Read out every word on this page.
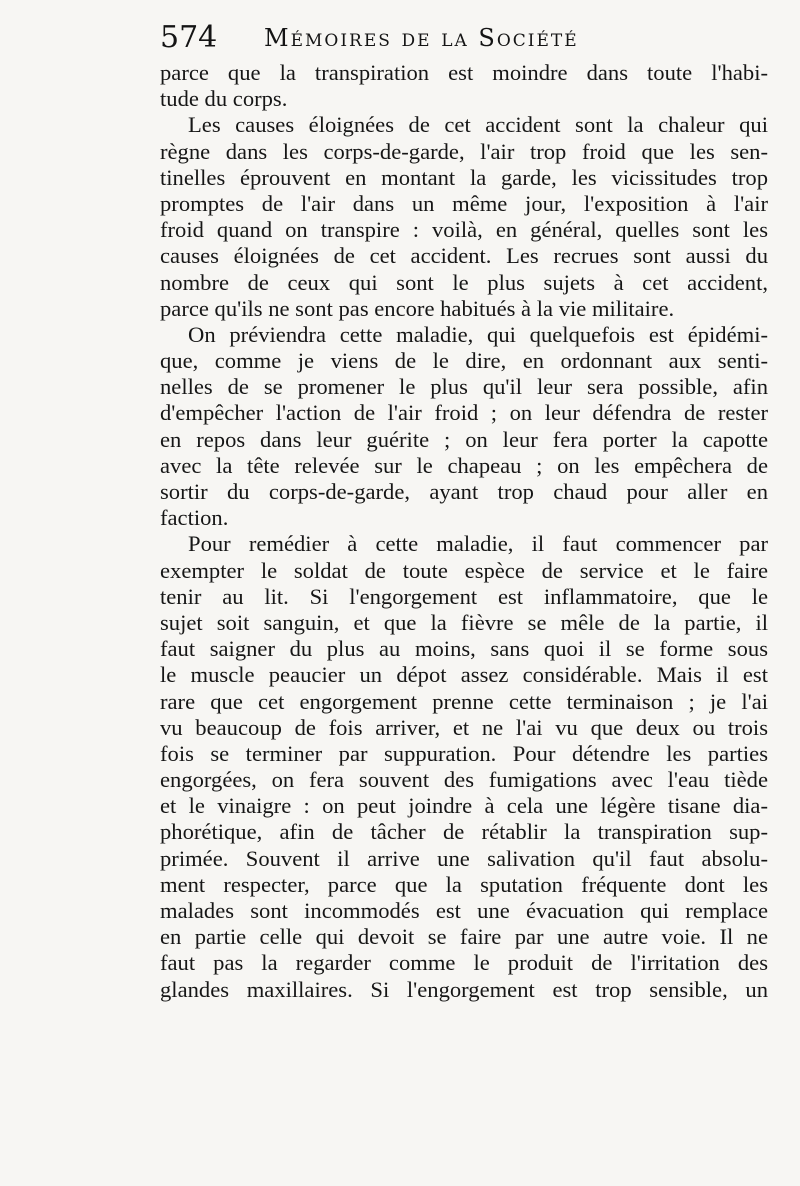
574 Mémoires de la Société
parce que la transpiration est moindre dans toute l'habi-
tude du corps.
Les causes éloignées de cet accident sont la chaleur qui
règne dans les corps-de-garde, l'air trop froid que les sen-
tinelles éprouvent en montant la garde, les vicissitudes trop
promptes de l'air dans un même jour, l'exposition à l'air
froid quand on transpire : voilà, en général, quelles sont les
causes éloignées de cet accident. Les recrues sont aussi du
nombre de ceux qui sont le plus sujets à cet accident,
parce qu'ils ne sont pas encore habitués à la vie militaire.
On préviendra cette maladie, qui quelquefois est épidémi-
que, comme je viens de le dire, en ordonnant aux senti-
nelles de se promener le plus qu'il leur sera possible, afin
d'empêcher l'action de l'air froid ; on leur défendra de rester
en repos dans leur guérite ; on leur fera porter la capotte
avec la tête relevée sur le chapeau ; on les empêchera de
sortir du corps-de-garde, ayant trop chaud pour aller en
faction.
Pour remédier à cette maladie, il faut commencer par
exempter le soldat de toute espèce de service et le faire
tenir au lit. Si l'engorgement est inflammatoire, que le
sujet soit sanguin, et que la fièvre se mêle de la partie, il
faut saigner du plus au moins, sans quoi il se forme sous
le muscle peaucier un dépot assez considérable. Mais il est
rare que cet engorgement prenne cette terminaison ; je l'ai
vu beaucoup de fois arriver, et ne l'ai vu que deux ou trois
fois se terminer par suppuration. Pour détendre les parties
engorgées, on fera souvent des fumigations avec l'eau tiède
et le vinaigre : on peut joindre à cela une légère tisane dia-
phorétique, afin de tâcher de rétablir la transpiration sup-
primée. Souvent il arrive une salivation qu'il faut absolu-
ment respecter, parce que la sputation fréquente dont les
malades sont incommodés est une évacuation qui remplace
en partie celle qui devoit se faire par une autre voie. Il ne
faut pas la regarder comme le produit de l'irritation des
glandes maxillaires. Si l'engorgement est trop sensible, un
